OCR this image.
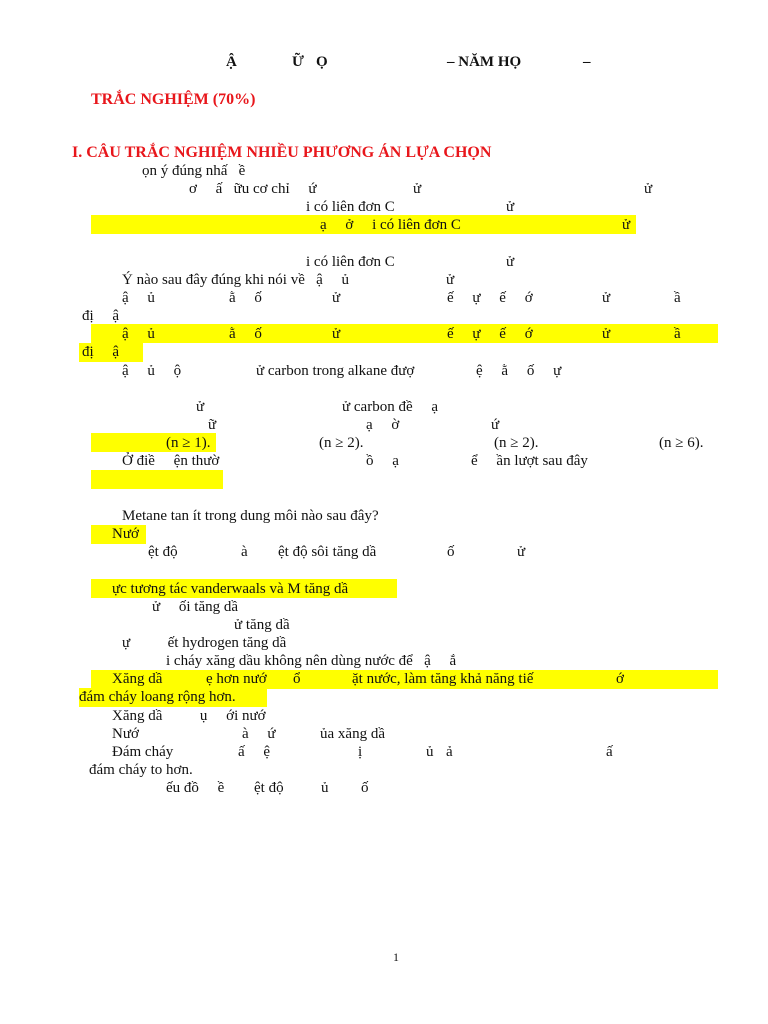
Ậ	Ữ Ọ	– NĂM HỌ	–
TRẮC NGHIỆM (70%)
I. CÂU TRẮC NGHIỆM NHIỀU PHƯƠNG ÁN LỰA CHỌN
ọn ý đúng nhấ   ề
ơ     ấ   ữu cơ chỉ     ứ	ử	ử
i có liên đơn C	ử
ạ     ở     i có liên đơn C	ử
i có liên đơn C	ử
Ý nào sau đây đúng khi nói về   ậ     ủ	ử
ậ     ủ	ằ     ố	ử	ế     ự     ế     ớ	ử	ầ
đị     ậ
ậ     ủ	ằ     ố	ử	ế     ự     ế     ớ	ử	ầ
đị     ậ
ậ     ủ     ộ	ử carbon trong alkane đượ	ệ     ằ     ố     ự
ử	ử carbon đề     ạ
ữ	ạ     ờ	ứ
(n ≥ 1).	(n ≥ 2).	(n ≥ 2).	(n ≥ 6).
Ở điề     ện thườ	ồ     ạ	ể     ần lượt sau đây
Metane tan ít trong dung môi nào sau đây?
Nướ
ệt độ	à ệt độ sôi tăng dầ	ố	ử
ực tương tác vanderwaals và M tăng dầ
ử     ối tăng dầ
ử tăng dầ
ự          ết hydrogen tăng dầ
i cháy xăng dầu không nên dùng nước để   ậ     ắ
Xăng dầ	ẹ hơn nướ ổ	ặt nước, làm tăng khả năng tiế	ớ
đám cháy loang rộng hơn.
Xăng dầ          ụ     ới nướ
Nướ	à     ứ	ủa xăng dầ
Đám cháy	ấ     ệ	ị	ủ ả	ấ
đám cháy to hơn.
ếu đồ     ề ệt độ ủ ố
1
